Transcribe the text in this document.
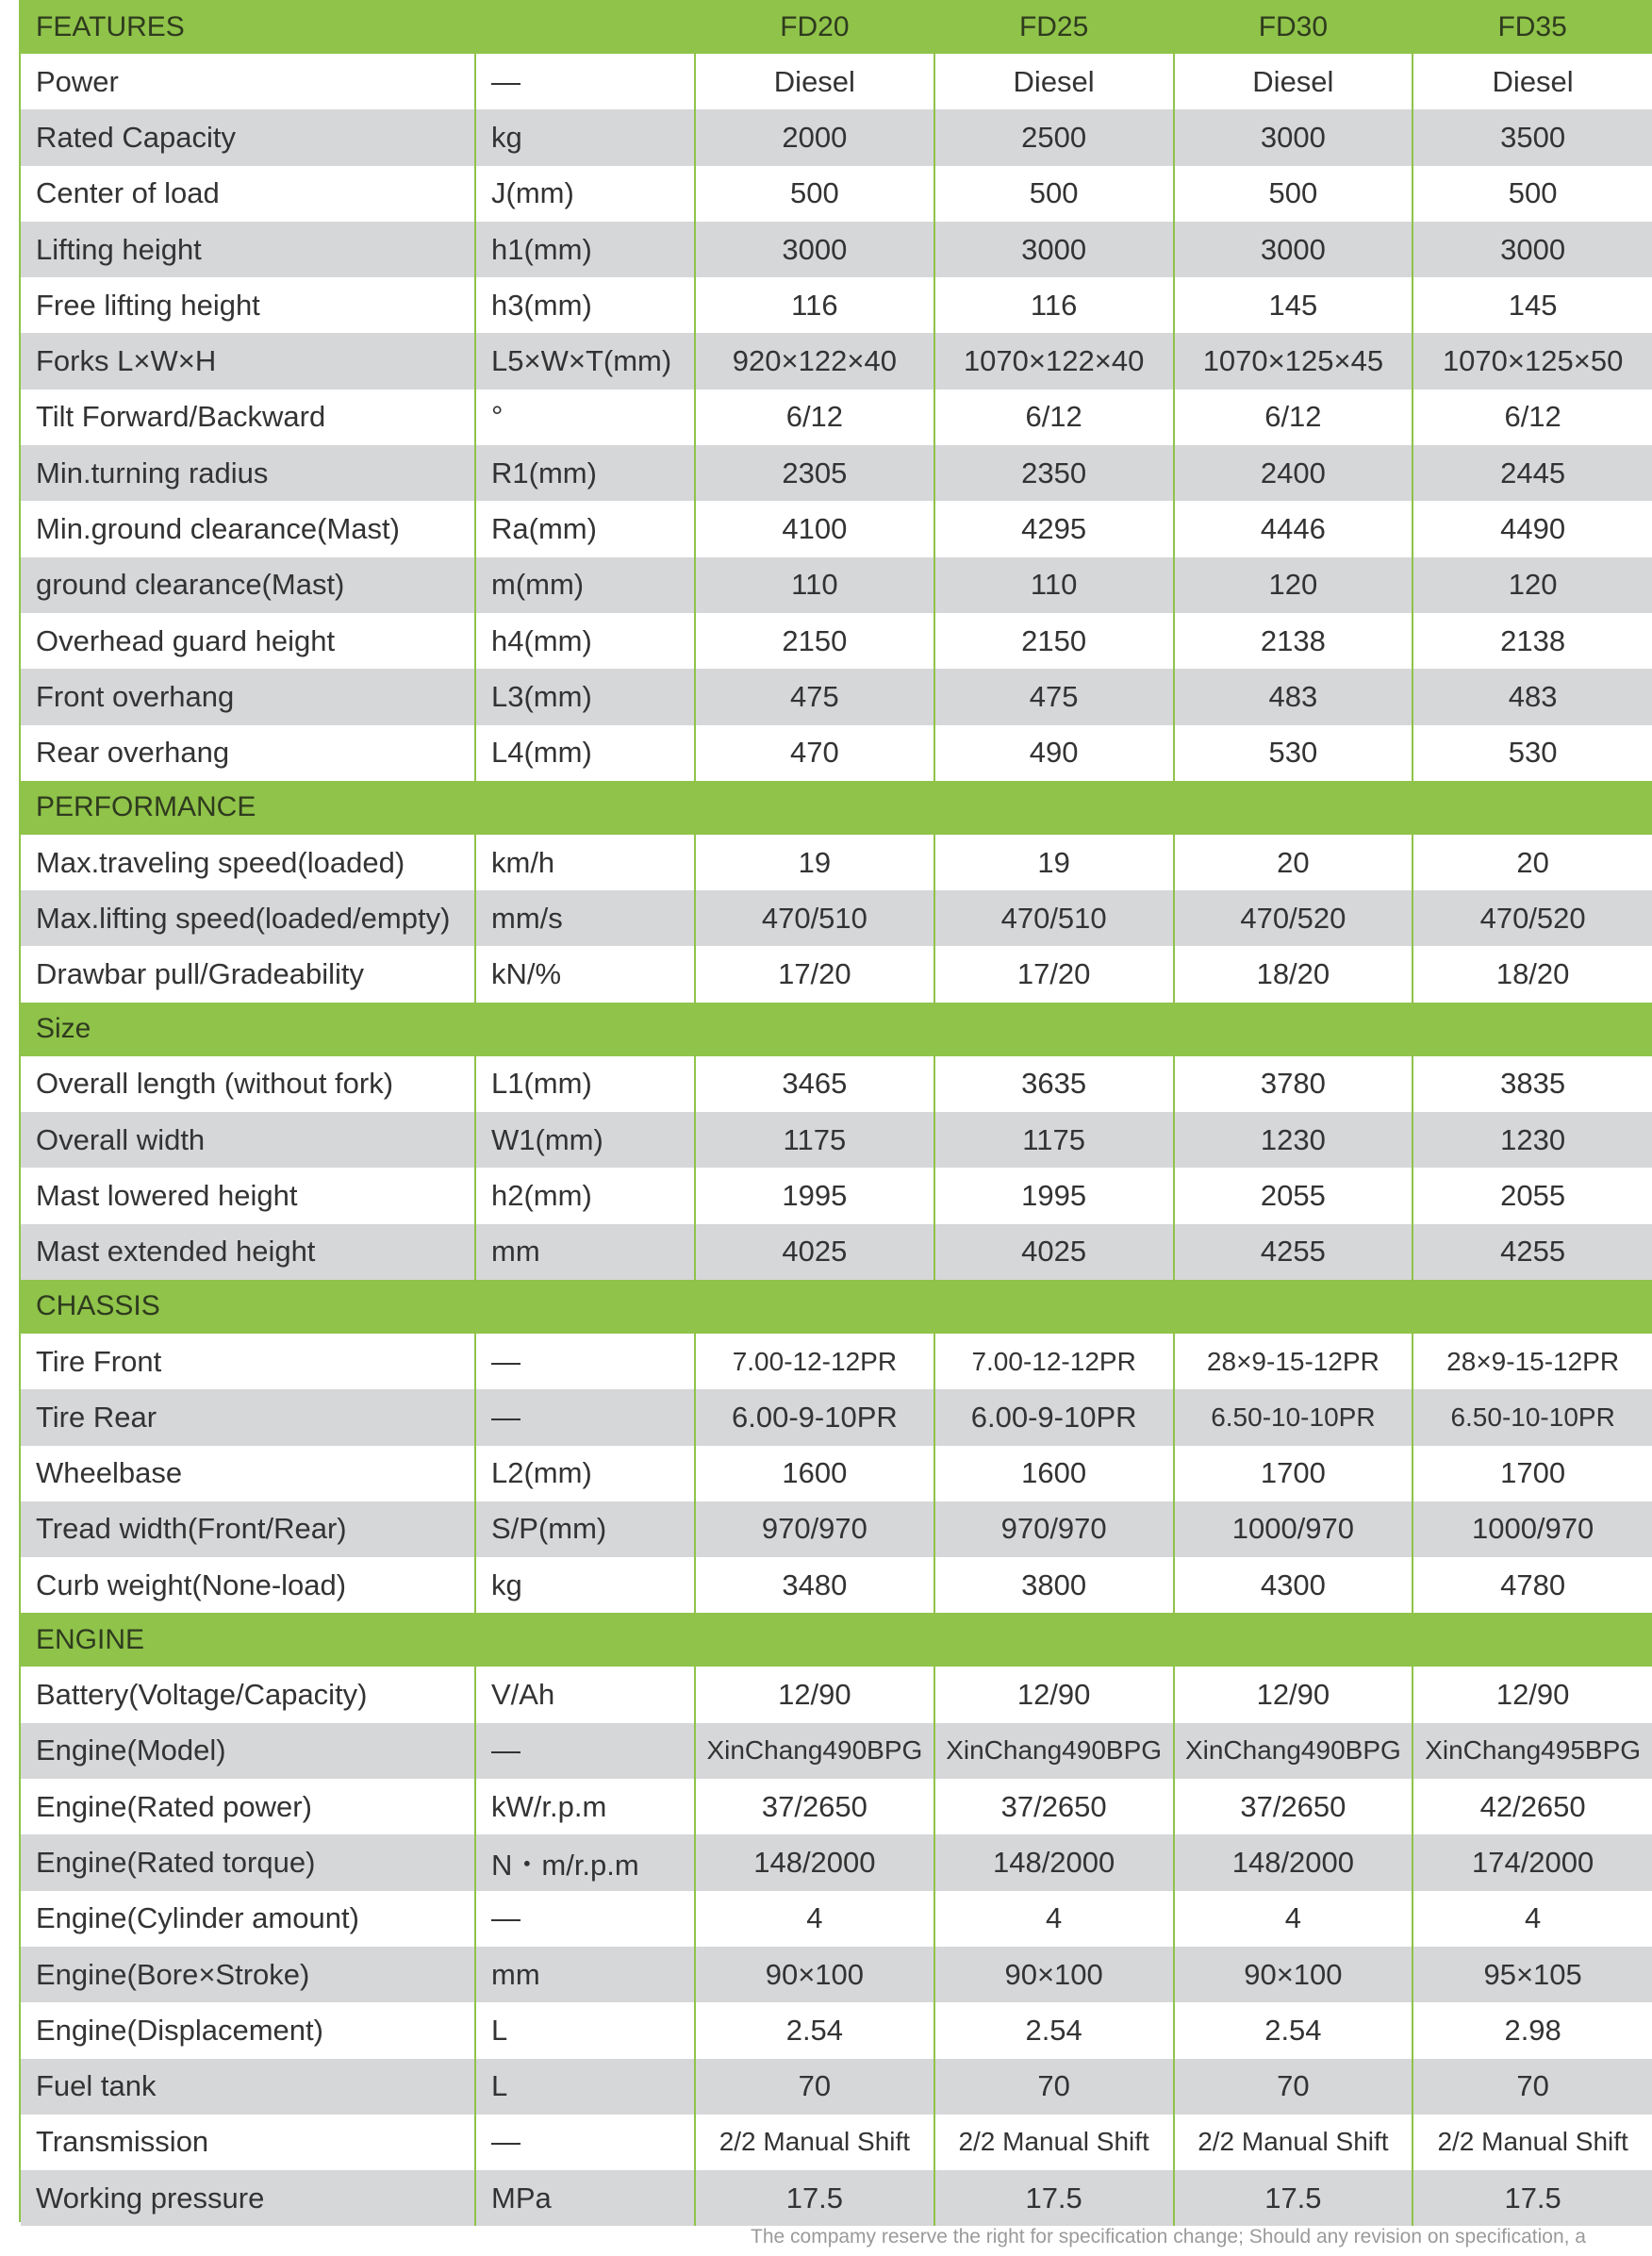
FEATURES		FD20	FD25	FD30	FD35
Power	—	Diesel	Diesel	Diesel	Diesel
Rated Capacity	kg	2000	2500	3000	3500
Center of load	J(mm)	500	500	500	500
Lifting height	h1(mm)	3000	3000	3000	3000
Free lifting height	h3(mm)	116	116	145	145
Forks L×W×H	L5×W×T(mm)	920×122×40	1070×122×40	1070×125×45	1070×125×50
Tilt Forward/Backward	°	6/12	6/12	6/12	6/12
Min.turning radius	R1(mm)	2305	2350	2400	2445
Min.ground clearance(Mast)	Ra(mm)	4100	4295	4446	4490
ground clearance(Mast)	m(mm)	110	110	120	120
Overhead guard height	h4(mm)	2150	2150	2138	2138
Front overhang	L3(mm)	475	475	483	483
Rear overhang	L4(mm)	470	490	530	530
PERFORMANCE					
Max.traveling speed(loaded)	km/h	19	19	20	20
Max.lifting speed(loaded/empty)	mm/s	470/510	470/510	470/520	470/520
Drawbar pull/Gradeability	kN/%	17/20	17/20	18/20	18/20
Size					
Overall length (without fork)	L1(mm)	3465	3635	3780	3835
Overall width	W1(mm)	1175	1175	1230	1230
Mast lowered height	h2(mm)	1995	1995	2055	2055
Mast extended height	mm	4025	4025	4255	4255
CHASSIS					
Tire Front	—	7.00-12-12PR	7.00-12-12PR	28×9-15-12PR	28×9-15-12PR
Tire Rear	—	6.00-9-10PR	6.00-9-10PR	6.50-10-10PR	6.50-10-10PR
Wheelbase	L2(mm)	1600	1600	1700	1700
Tread width(Front/Rear)	S/P(mm)	970/970	970/970	1000/970	1000/970
Curb weight(None-load)	kg	3480	3800	4300	4780
ENGINE					
Battery(Voltage/Capacity)	V/Ah	12/90	12/90	12/90	12/90
Engine(Model)	—	XinChang490BPG	XinChang490BPG	XinChang490BPG	XinChang495BPG
Engine(Rated power)	kW/r.p.m	37/2650	37/2650	37/2650	42/2650
Engine(Rated torque)	N・m/r.p.m	148/2000	148/2000	148/2000	174/2000
Engine(Cylinder amount)	—	4	4	4	4
Engine(Bore×Stroke)	mm	90×100	90×100	90×100	95×105
Engine(Displacement)	L	2.54	2.54	2.54	2.98
Fuel tank	L	70	70	70	70
Transmission	—	2/2 Manual Shift	2/2 Manual Shift	2/2 Manual Shift	2/2 Manual Shift
Working pressure	MPa	17.5	17.5	17.5	17.5
The compamy reserve the right for specification change; Should any revision on specification, a
